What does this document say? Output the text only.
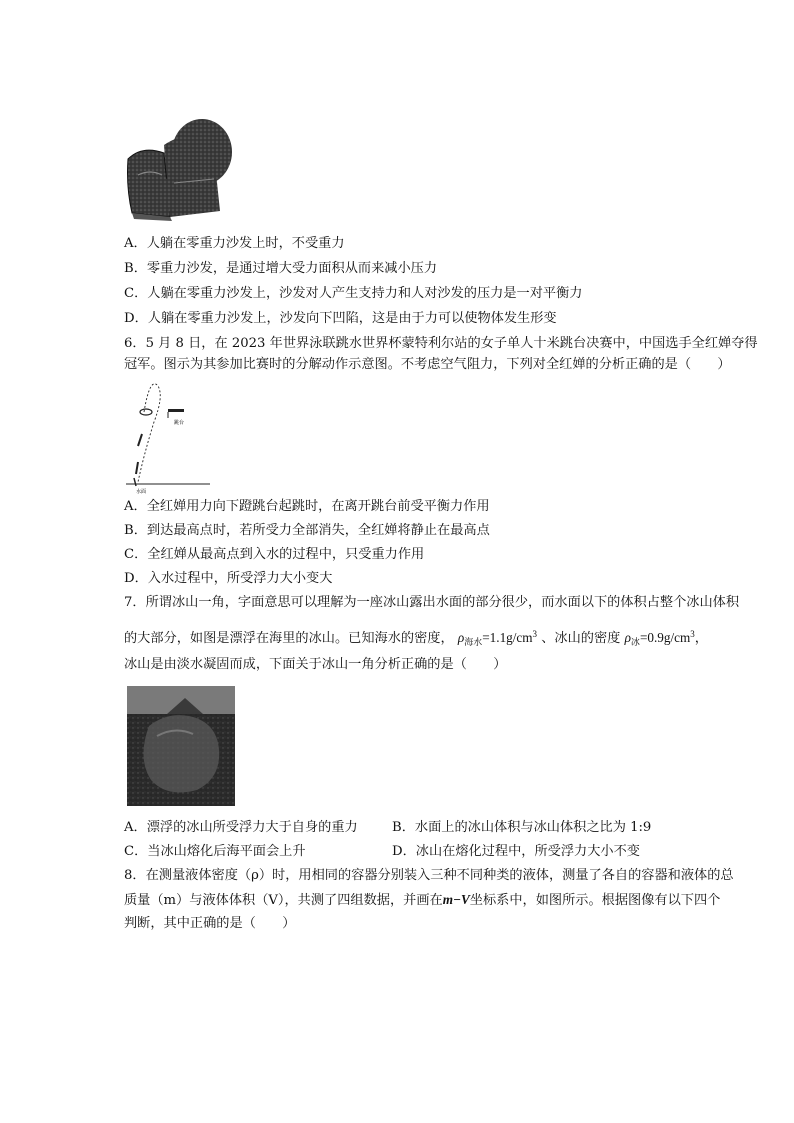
A．人躺在零重力沙发上时，不受重力
B．零重力沙发，是通过增大受力面积从而来减小压力
C．人躺在零重力沙发上，沙发对人产生支持力和人对沙发的压力是一对平衡力
D．人躺在零重力沙发上，沙发向下凹陷，这是由于力可以使物体发生形变
6．5 月 8 日，在 2023 年世界泳联跳水世界杯蒙特利尔站的女子单人十米跳台决赛中，中国选手全红婵夺得
冠军。图示为其参加比赛时的分解动作示意图。不考虑空气阻力，下列对全红婵的分析正确的是（　　）
跳台
水面
A．全红婵用力向下蹬跳台起跳时，在离开跳台前受平衡力作用
B．到达最高点时，若所受力全部消失，全红婵将静止在最高点
C．全红婵从最高点到入水的过程中，只受重力作用
D．入水过程中，所受浮力大小变大
7．所谓冰山一角，字面意思可以理解为一座冰山露出水面的部分很少，而水面以下的体积占整个冰山体积
的大部分，如图是漂浮在海里的冰山。已知海水的密度， $\rho_{海水}=1.1g/cm^3$ 、冰山的密度 $\rho_冰=0.9g/cm^3$，
冰山是由淡水凝固而成，下面关于冰山一角分析正确的是（　　）
A．漂浮的冰山所受浮力大于自身的重力	B．水面上的冰山体积与冰山体积之比为 1:9
C．当冰山熔化后海平面会上升	D．冰山在熔化过程中，所受浮力大小不变
8．在测量液体密度（ρ）时，用相同的容器分别装入三种不同种类的液体，测量了各自的容器和液体的总
质量（m）与液体体积（V），共测了四组数据，并画在m−V坐标系中，如图所示。根据图像有以下四个
判断，其中正确的是（　　）
